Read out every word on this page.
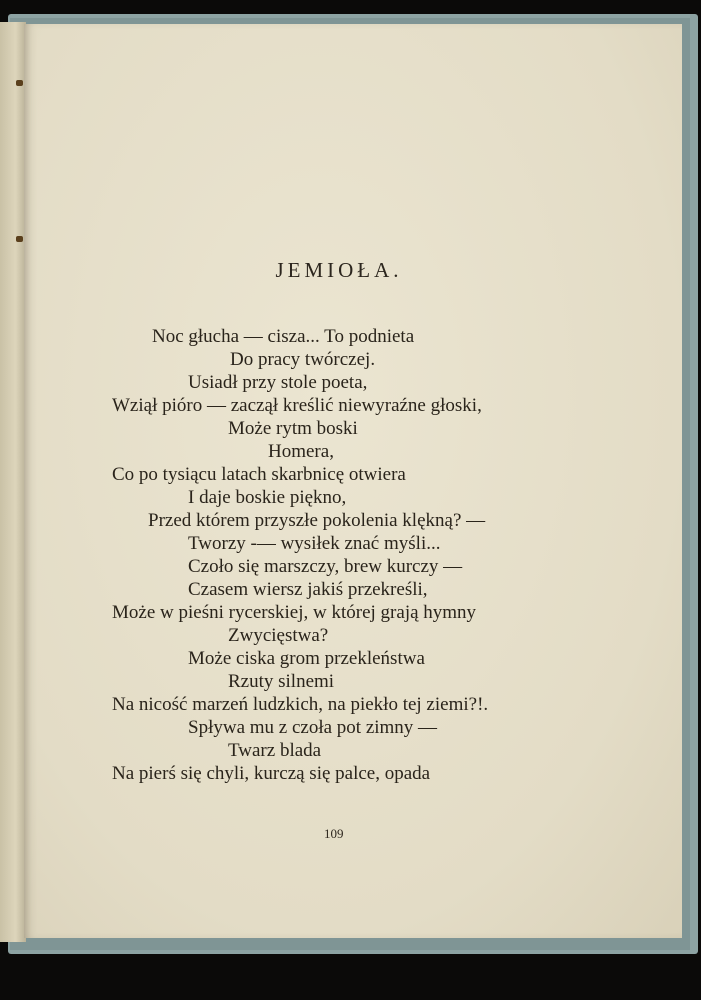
JEMIOŁA.
Noc głucha — cisza... To podnieta
Do pracy twórczej.
Usiadł przy stole poeta,
Wziął pióro — zaczął kreślić niewyraźne głoski,
Może rytm boski
Homera,
Co po tysiącu latach skarbnicę otwiera
I daje boskie piękno,
Przed którem przyszłe pokolenia klękną? —
Tworzy -— wysiłek znać myśli...
Czoło się marszczy, brew kurczy —
Czasem wiersz jakiś przekreśli,
Może w pieśni rycerskiej, w której grają hymny
Zwycięstwa?
Może ciska grom przekleństwa
Rzuty silnemi
Na nicość marzeń ludzkich, na piekło tej ziemi?!.
Spływa mu z czoła pot zimny —
Twarz blada
Na pierś się chyli, kurczą się palce, opada
109
